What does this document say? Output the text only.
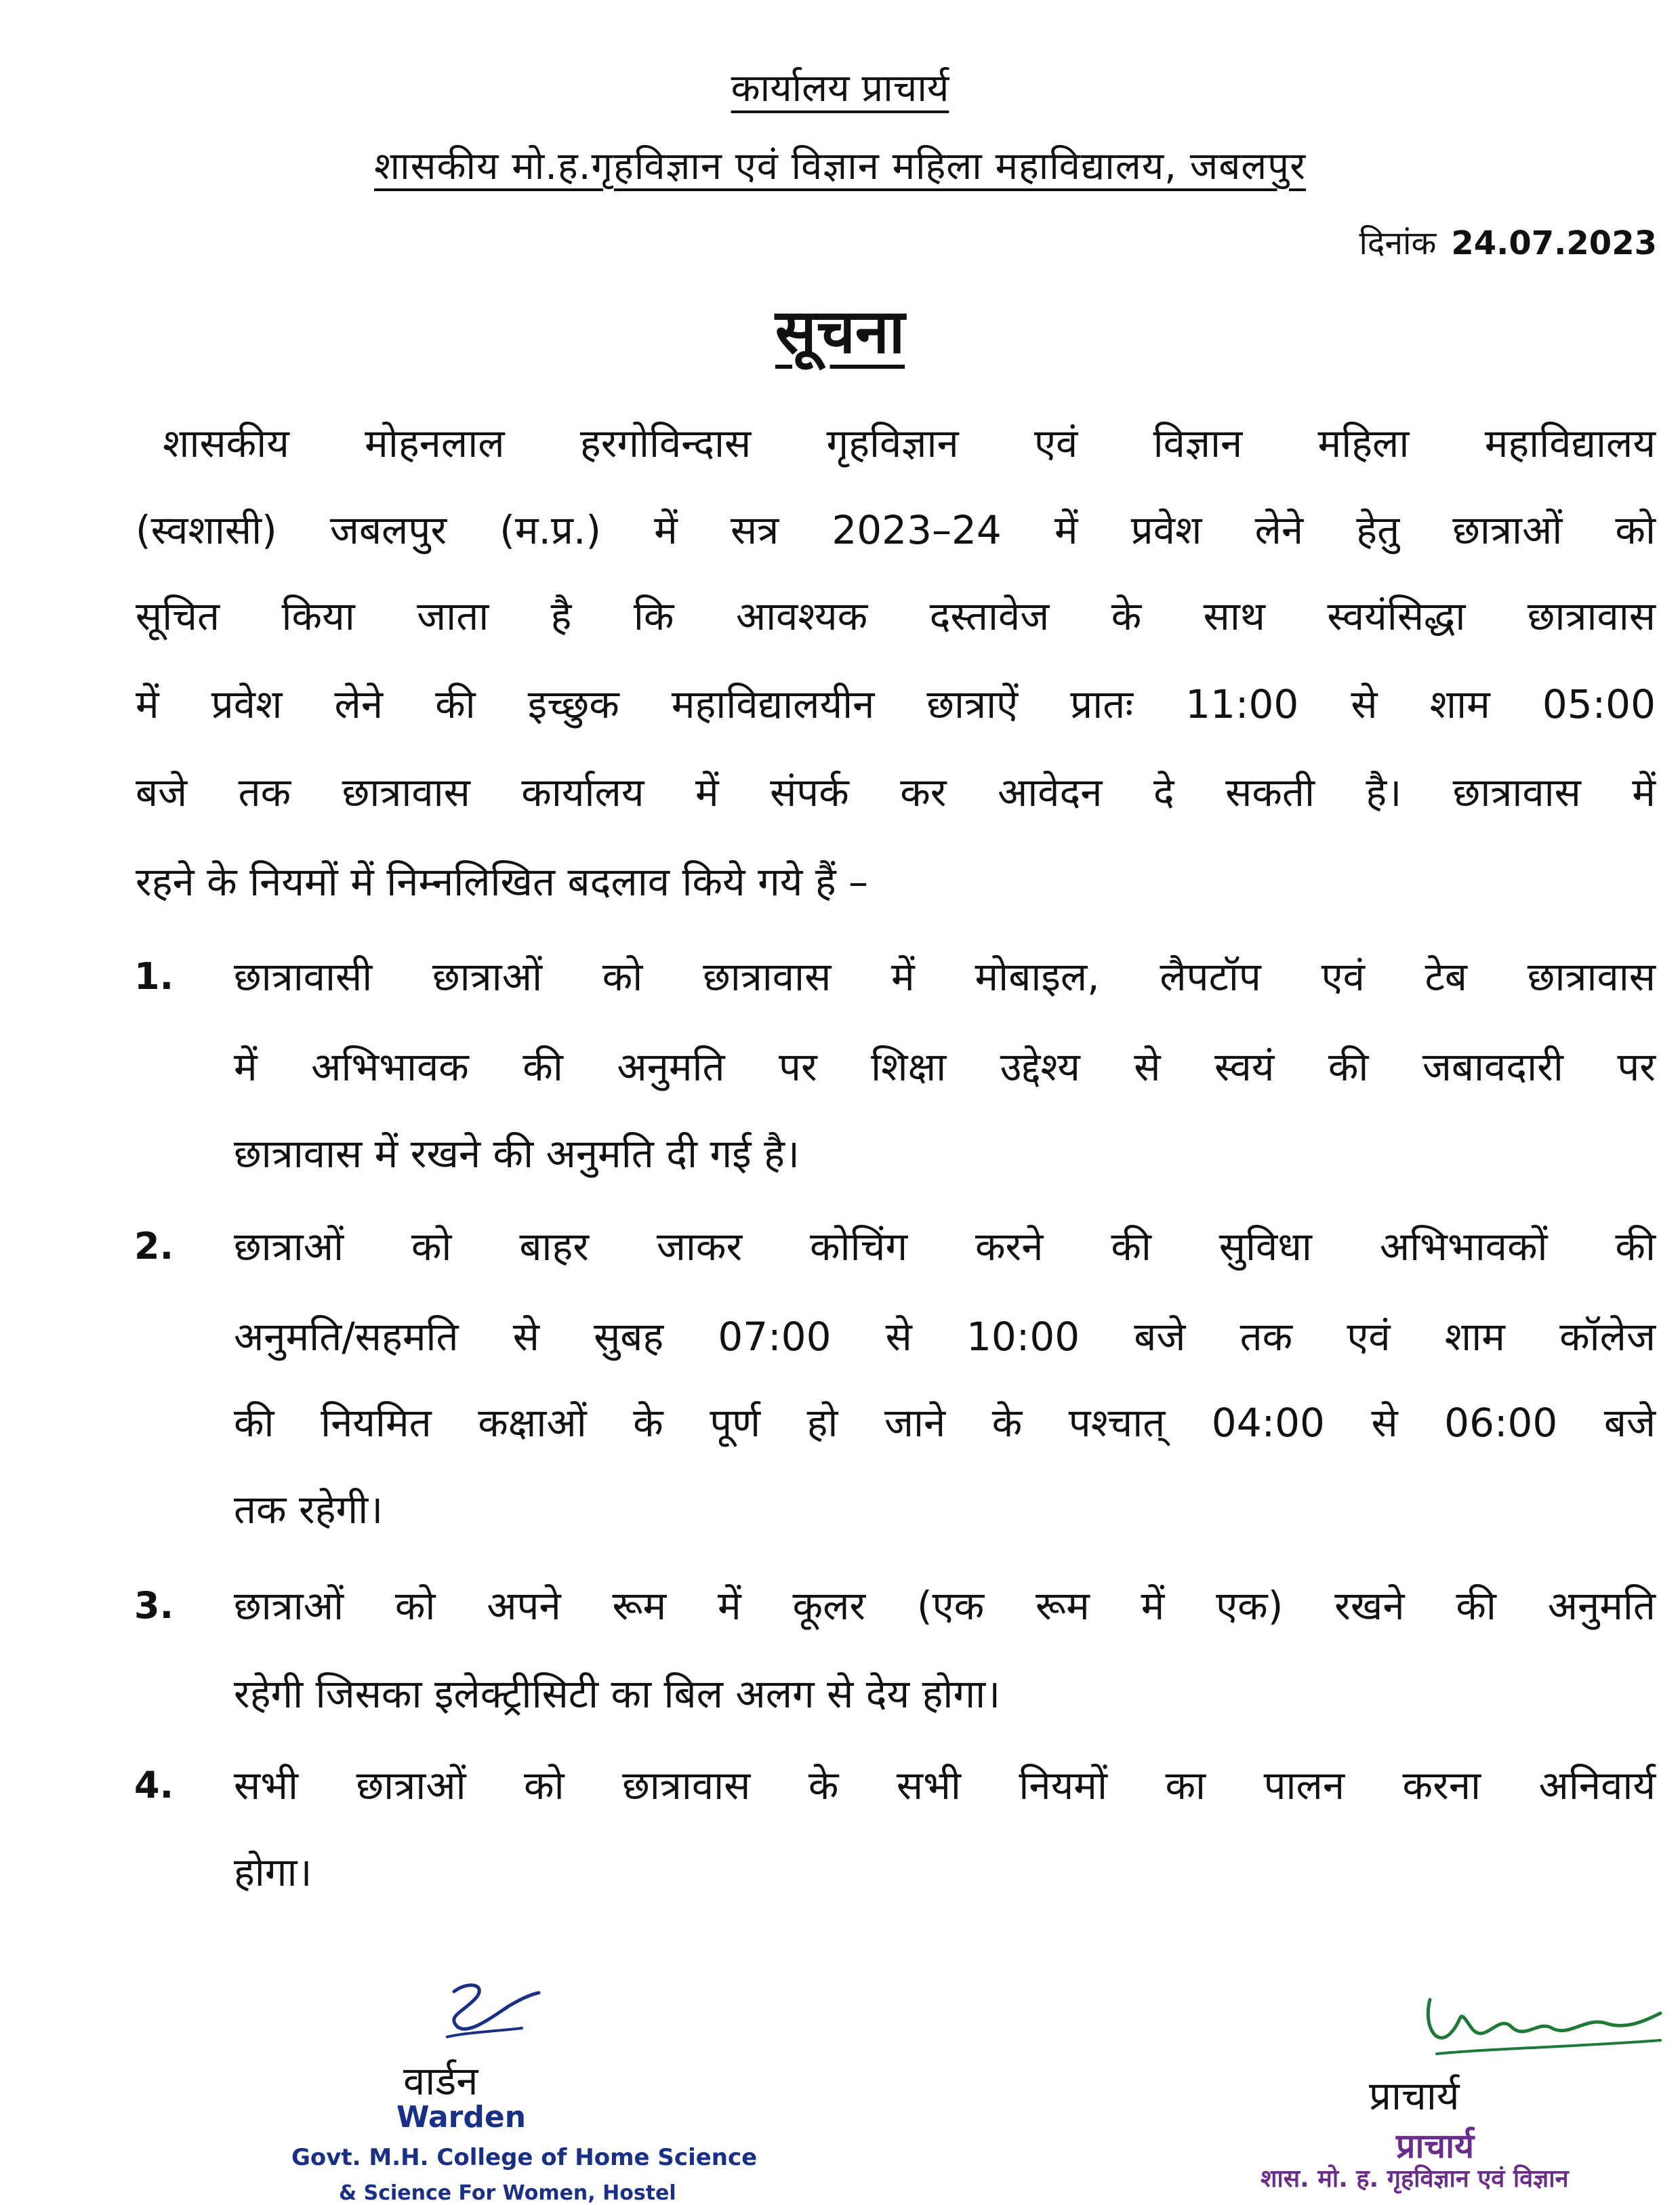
कार्यालय प्राचार्य
शासकीय मो.ह.गृहविज्ञान एवं विज्ञान महिला महाविद्यालय, जबलपुर
दिनांक 24.07.2023
सूचना
शासकीय मोहनलाल हरगोविन्दास गृहविज्ञान एवं विज्ञान महिला महाविद्यालय
(स्वशासी) जबलपुर (म.प्र.) में सत्र 2023–24 में प्रवेश लेने हेतु छात्राओं को
सूचित किया जाता है कि आवश्यक दस्तावेज के साथ स्वयंसिद्धा छात्रावास
में प्रवेश लेने की इच्छुक महाविद्यालयीन छात्राऐं प्रातः 11:00 से शाम 05:00
बजे तक छात्रावास कार्यालय में संपर्क कर आवेदन दे सकती है। छात्रावास में
रहने के नियमों में निम्नलिखित बदलाव किये गये हैं –
1. छात्रावासी छात्राओं को छात्रावास में मोबाइल, लैपटॉप एवं टेब छात्रावास
में अभिभावक की अनुमति पर शिक्षा उद्देश्य से स्वयं की जबावदारी पर
छात्रावास में रखने की अनुमति दी गई है।
2. छात्राओं को बाहर जाकर कोचिंग करने की सुविधा अभिभावकों की
अनुमति/सहमति से सुबह 07:00 से 10:00 बजे तक एवं शाम कॉलेज
की नियमित कक्षाओं के पूर्ण हो जाने के पश्चात् 04:00 से 06:00 बजे
तक रहेगी।
3. छात्राओं को अपने रूम में कूलर (एक रूम में एक) रखने की अनुमति
रहेगी जिसका इलेक्ट्रीसिटी का बिल अलग से देय होगा।
4. सभी छात्राओं को छात्रावास के सभी नियमों का पालन करना अनिवार्य
होगा।
वार्डन
Warden
Govt. M.H. College of Home Science
& Science For Women, Hostel
प्राचार्य
प्राचार्य
शास. मो. ह. गृहविज्ञान एवं विज्ञान
